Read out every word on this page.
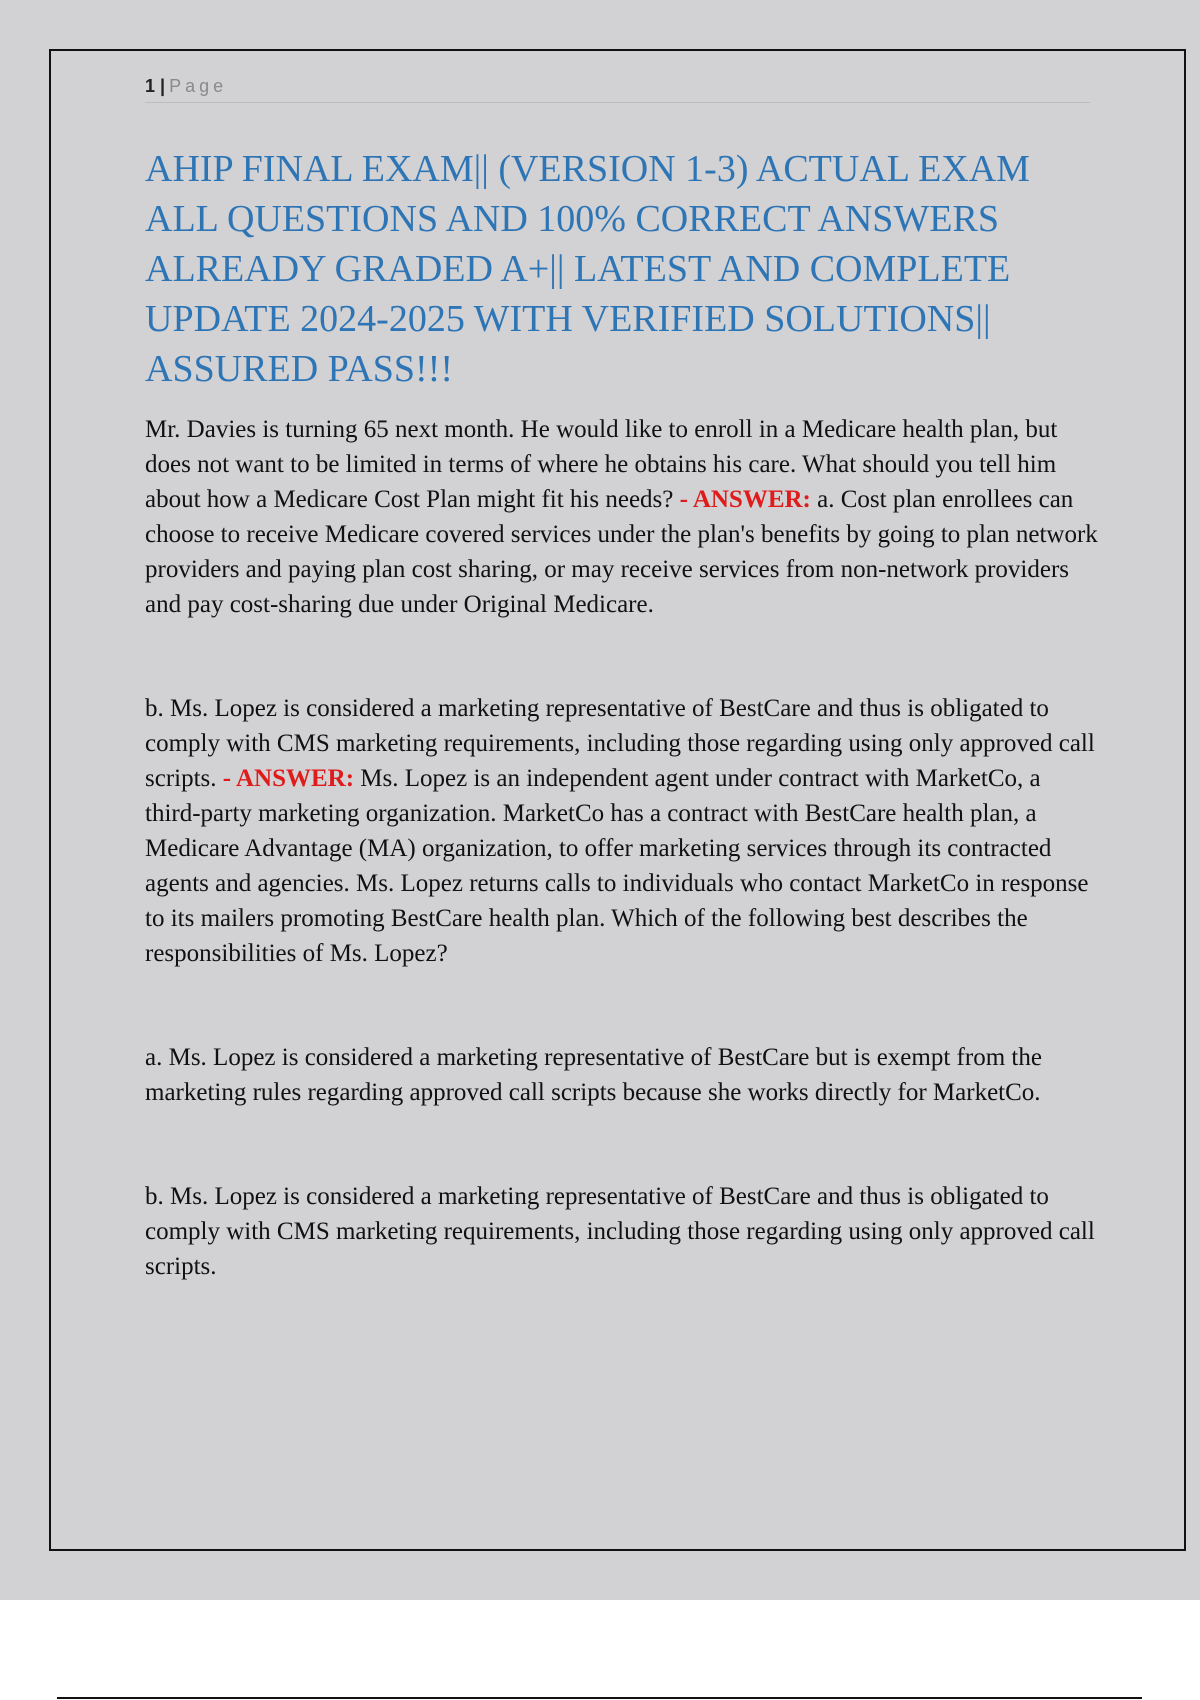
1 | Page
AHIP FINAL EXAM|| (VERSION 1-3) ACTUAL EXAM ALL QUESTIONS AND 100% CORRECT ANSWERS ALREADY GRADED A+|| LATEST AND COMPLETE UPDATE 2024-2025 WITH VERIFIED SOLUTIONS|| ASSURED PASS!!!

Mr. Davies is turning 65 next month. He would like to enroll in a Medicare health plan, but does not want to be limited in terms of where he obtains his care. What should you tell him about how a Medicare Cost Plan might fit his needs? - ANSWER: a. Cost plan enrollees can choose to receive Medicare covered services under the plan's benefits by going to plan network providers and paying plan cost sharing, or may receive services from non-network providers and pay cost-sharing due under Original Medicare.

b. Ms. Lopez is considered a marketing representative of BestCare and thus is obligated to comply with CMS marketing requirements, including those regarding using only approved call scripts. - ANSWER: Ms. Lopez is an independent agent under contract with MarketCo, a third-party marketing organization. MarketCo has a contract with BestCare health plan, a Medicare Advantage (MA) organization, to offer marketing services through its contracted agents and agencies. Ms. Lopez returns calls to individuals who contact MarketCo in response to its mailers promoting BestCare health plan. Which of the following best describes the responsibilities of Ms. Lopez?

a. Ms. Lopez is considered a marketing representative of BestCare but is exempt from the marketing rules regarding approved call scripts because she works directly for MarketCo.

b. Ms. Lopez is considered a marketing representative of BestCare and thus is obligated to comply with CMS marketing requirements, including those regarding using only approved call scripts.
